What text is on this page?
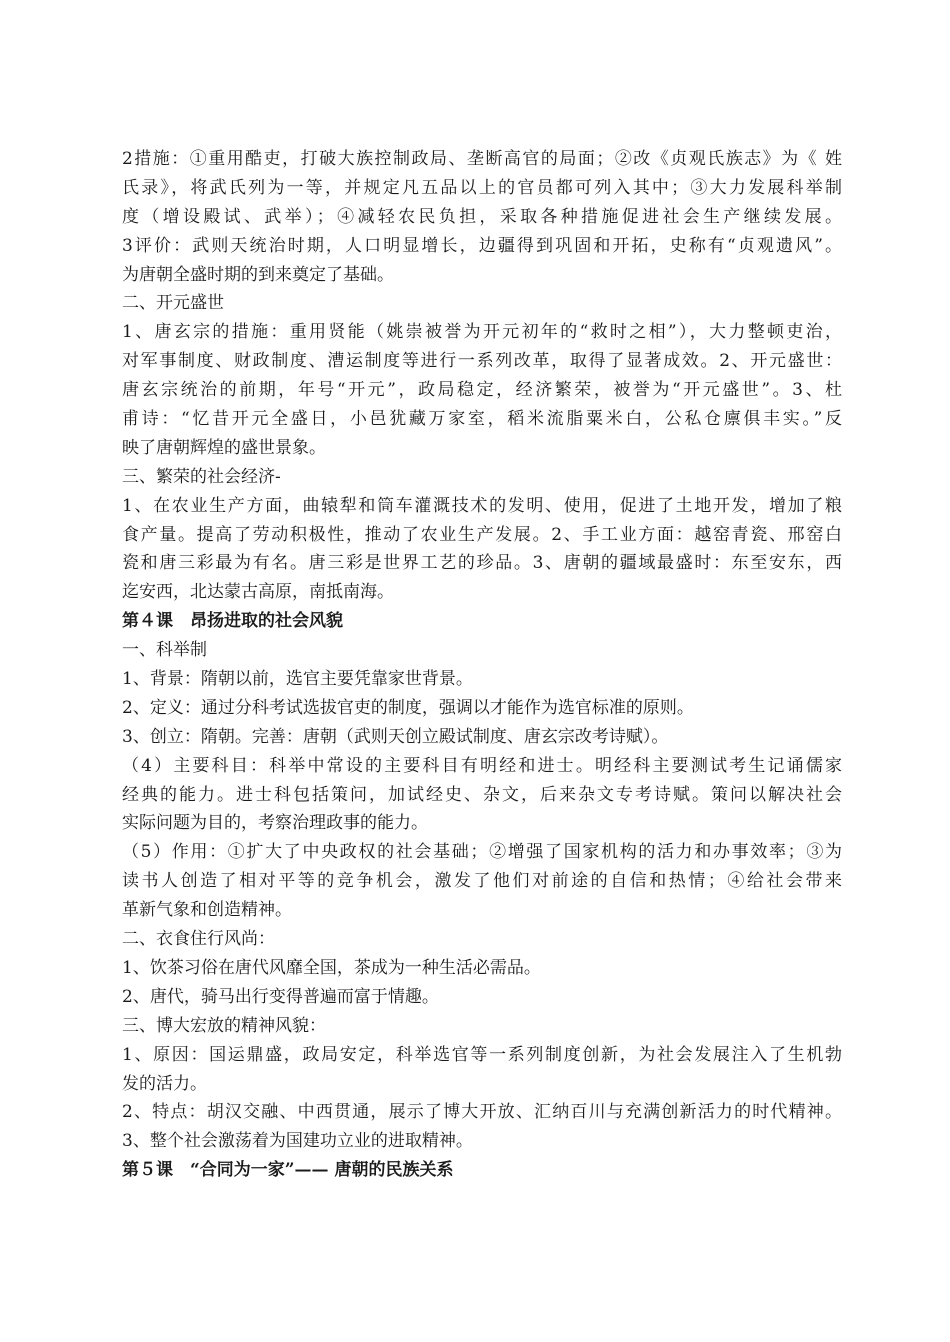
2措施：①重用酷吏，打破大族控制政局、垄断高官的局面；②改《贞观氏族志》为《 姓
氏录》，将武氏列为一等，并规定凡五品以上的官员都可列入其中；③大力发展科举制
度（增设殿试、武举）；④减轻农民负担，采取各种措施促进社会生产继续发展。
3评价：武则天统治时期，人口明显增长，边疆得到巩固和开拓，史称有“贞观遗风”。
为唐朝全盛时期的到来奠定了基础。
二、开元盛世
1、唐玄宗的措施：重用贤能（姚崇被誉为开元初年的“救时之相”），大力整顿吏治，
对军事制度、财政制度、漕运制度等进行一系列改革，取得了显著成效。2、开元盛世：
唐玄宗统治的前期，年号“开元”，政局稳定，经济繁荣，被誉为“开元盛世”。3、杜
甫诗：“忆昔开元全盛日，小邑犹藏万家室，稻米流脂粟米白，公私仓廪俱丰实。”反
映了唐朝辉煌的盛世景象。
三、繁荣的社会经济-
1、在农业生产方面，曲辕犁和筒车灌溉技术的发明、使用，促进了土地开发，增加了粮
食产量。提高了劳动积极性，推动了农业生产发展。2、手工业方面：越窑青瓷、邢窑白
瓷和唐三彩最为有名。唐三彩是世界工艺的珍品。3、唐朝的疆域最盛时：东至安东，西
迄安西，北达蒙古高原，南抵南海。
第４课　昂扬进取的社会风貌
一、科举制
1、背景：隋朝以前，选官主要凭靠家世背景。
2、定义：通过分科考试选拔官吏的制度，强调以才能作为选官标准的原则。
3、创立：隋朝。完善：唐朝（武则天创立殿试制度、唐玄宗改考诗赋）。
（4）主要科目：科举中常设的主要科目有明经和进士。明经科主要测试考生记诵儒家
经典的能力。进士科包括策问，加试经史、杂文，后来杂文专考诗赋。策问以解决社会
实际问题为目的，考察治理政事的能力。
（5）作用：①扩大了中央政权的社会基础；②增强了国家机构的活力和办事效率；③为
读书人创造了相对平等的竞争机会，激发了他们对前途的自信和热情；④给社会带来
革新气象和创造精神。
二、衣食住行风尚：
1、饮茶习俗在唐代风靡全国，茶成为一种生活必需品。
2、唐代，骑马出行变得普遍而富于情趣。
三、博大宏放的精神风貌：
1、原因：国运鼎盛，政局安定，科举选官等一系列制度创新，为社会发展注入了生机勃
发的活力。
2、特点：胡汉交融、中西贯通，展示了博大开放、汇纳百川与充满创新活力的时代精神。
3、整个社会激荡着为国建功立业的进取精神。
第５课　“合同为一家”—— 唐朝的民族关系
